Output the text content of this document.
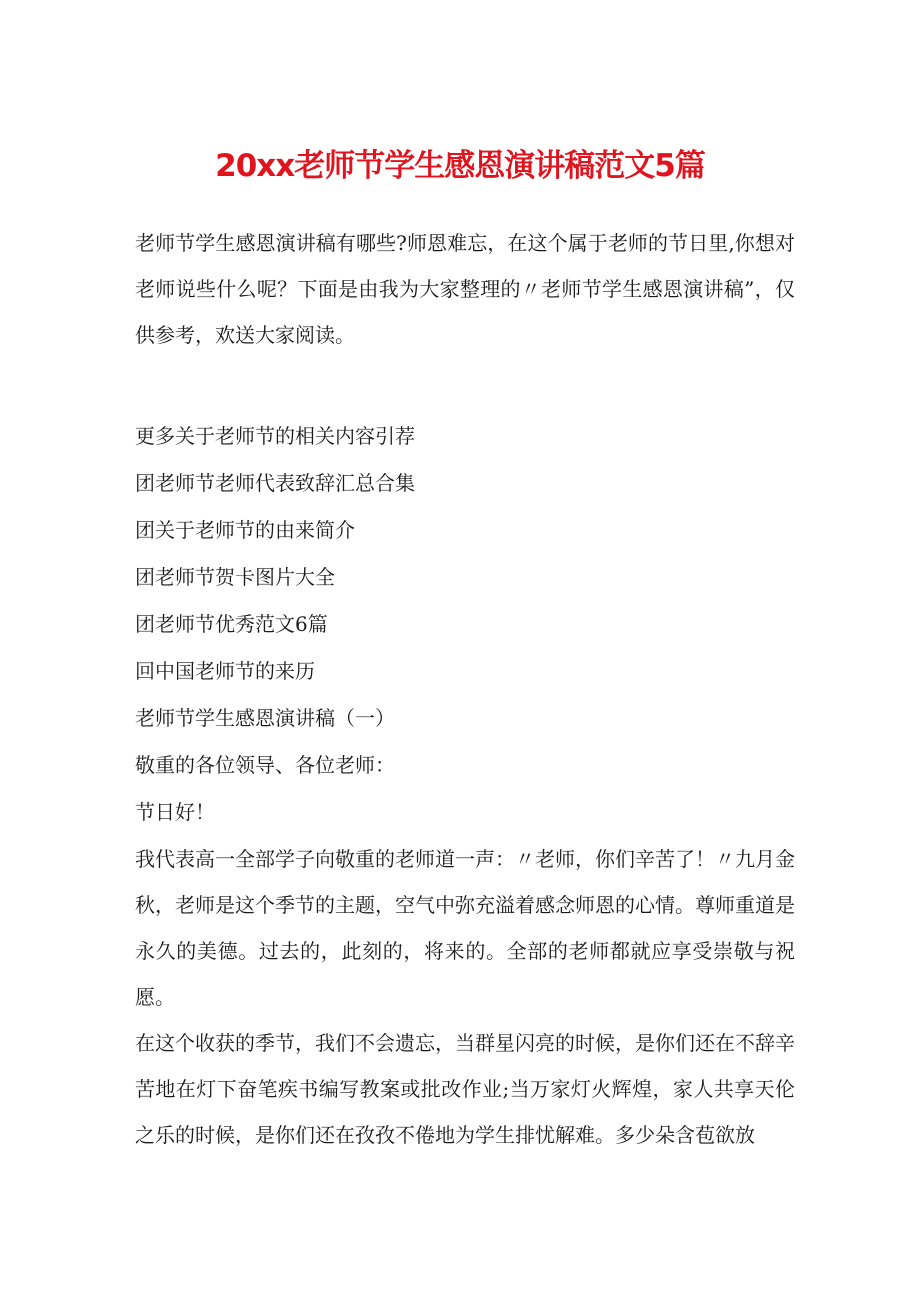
20xx老师节学生感恩演讲稿范文5篇

老师节学生感恩演讲稿有哪些?师恩难忘，在这个属于老师的节日里,你想对老师说些什么呢？下面是由我为大家整理的〃老师节学生感恩演讲稿”，仅供参考，欢送大家阅读。

更多关于老师节的相关内容引荐

团老师节老师代表致辞汇总合集

团关于老师节的由来简介

团老师节贺卡图片大全

团老师节优秀范文6篇

回中国老师节的来历

老师节学生感恩演讲稿（一）

敬重的各位领导、各位老师：

节日好！

我代表高一全部学子向敬重的老师道一声：〃老师，你们辛苦了！〃九月金秋，老师是这个季节的主题，空气中弥充溢着感念师恩的心情。尊师重道是永久的美德。过去的，此刻的，将来的。全部的老师都就应享受崇敬与祝愿。

在这个收获的季节，我们不会遗忘，当群星闪亮的时候，是你们还在不辞辛苦地在灯下奋笔疾书编写教案或批改作业;当万家灯火辉煌，家人共享天伦之乐的时候，是你们还在孜孜不倦地为学生排忧解难。多少朵含苞欲放
